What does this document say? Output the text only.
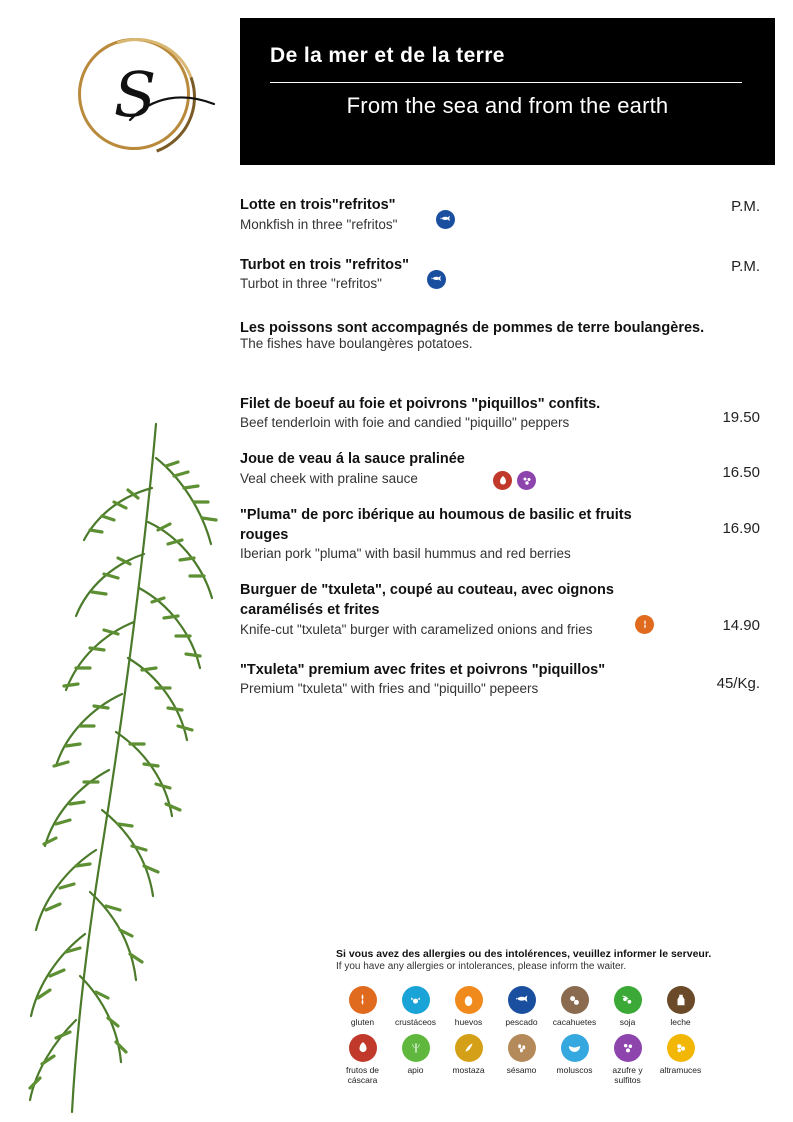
S
De la mer et de la terre
From the sea and from the earth
Lotte en trois"refritos"
Monkfish in three "refritos"
P.M.
Turbot en trois "refritos"
Turbot in three "refritos"
P.M.
Les poissons sont accompagnés de pommes de terre boulangères.
The fishes have boulangères potatoes.
Filet de boeuf au foie et poivrons "piquillos" confits.
Beef tenderloin with foie and candied "piquillo" peppers	19.50
Joue de veau á la sauce pralinée
Veal cheek with praline sauce	16.50
"Pluma" de porc ibérique au houmous de basilic et fruits rouges
Iberian pork "pluma" with basil hummus and red berries
16.90
Burguer de "txuleta", coupé au couteau, avec oignons caramélisés et frites
Knife-cut "txuleta" burger with caramelized onions and fries	14.90
"Txuleta" premium avec frites et poivrons "piquillos"
Premium "txuleta" with fries and "piquillo" pepeers	45/Kg.
Si vous avez des allergies ou des intolérences, veuillez informer le serveur.
If you have any allergies or intolerances, please inform the waiter.
gluten crustáceos huevos	pescado cacahuetes	soja	leche
frutos de cáscara
apio	mostaza	sésamo moluscos	azufre y sulfitos
altramuces
